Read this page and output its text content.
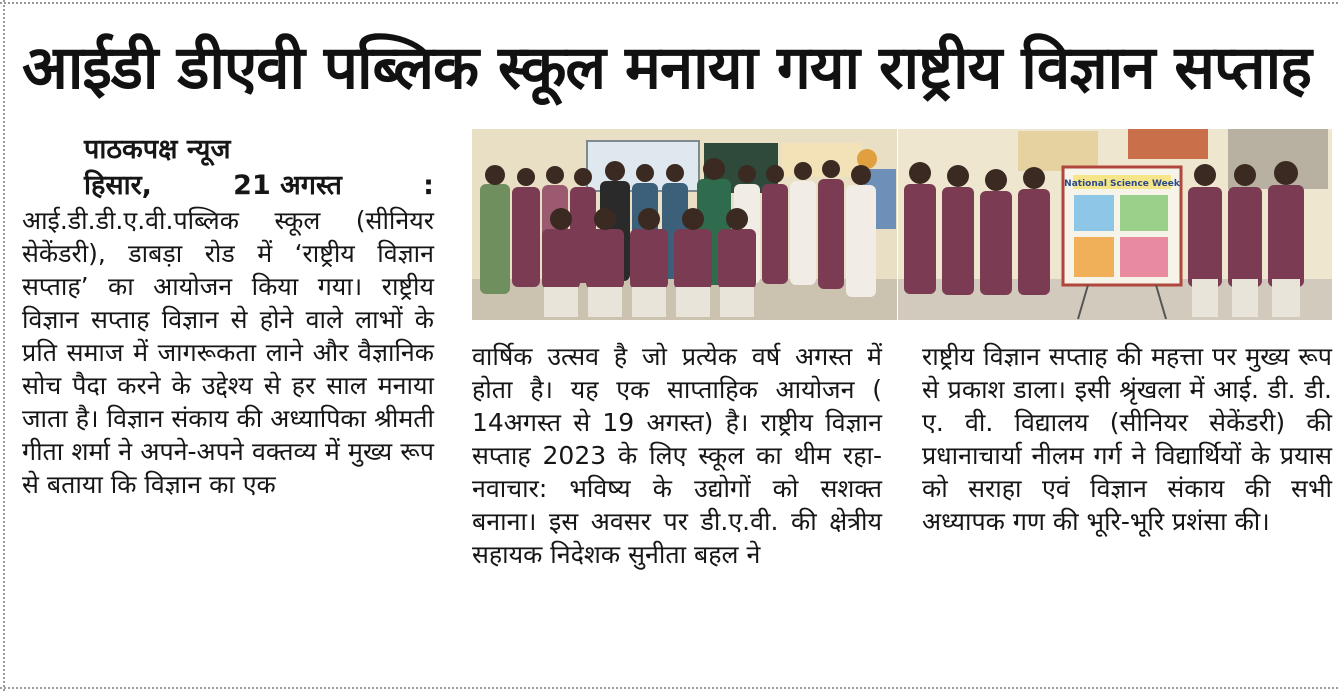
आईडी डीएवी पब्लिक स्कूल मनाया गया राष्ट्रीय विज्ञान सप्ताह
पाठकपक्ष न्यूज
हिसार,	21 अगस्त	:

आई.डी.डी.ए.वी.पब्लिक स्कूल (सीनियर सेकेंडरी), डाबड़ा रोड में ‘राष्ट्रीय विज्ञान सप्ताह’ का आयोजन किया गया। राष्ट्रीय विज्ञान सप्ताह विज्ञान से होने वाले लाभों के प्रति समाज में जागरूकता लाने और वैज्ञानिक सोच पैदा करने के उद्देश्य से हर साल मनाया जाता है। विज्ञान संकाय की अध्यापिका श्रीमती गीता शर्मा ने अपने-अपने वक्तव्य में मुख्य रूप से बताया कि विज्ञान का एक

National Science Week

वार्षिक उत्सव है जो प्रत्येक वर्ष अगस्त में होता है। यह एक साप्ताहिक आयोजन ( 14अगस्त से 19 अगस्त) है। राष्ट्रीय विज्ञान सप्ताह 2023 के लिए स्कूल का थीम रहा- नवाचार: भविष्य के उद्योगों को सशक्त बनाना। इस अवसर पर डी.ए.वी. की क्षेत्रीय सहायक निदेशक सुनीता बहल ने

राष्ट्रीय विज्ञान सप्ताह की महत्ता पर मुख्य रूप से प्रकाश डाला। इसी श्रृंखला में आई. डी. डी. ए. वी. विद्यालय (सीनियर सेकेंडरी) की प्रधानाचार्या नीलम गर्ग ने विद्यार्थियों के प्रयास को सराहा एवं विज्ञान संकाय की सभी अध्यापक गण की भूरि-भूरि प्रशंसा की।
